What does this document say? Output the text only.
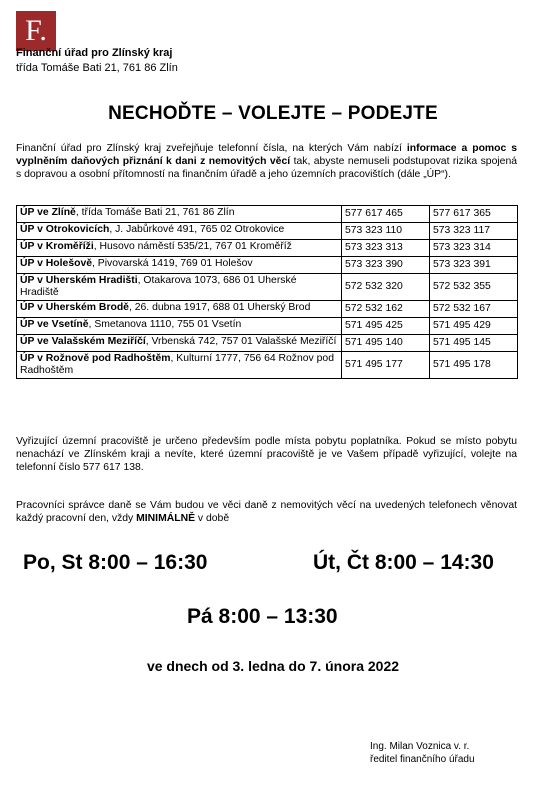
F.
Finanční úřad pro Zlínský kraj
třída Tomáše Bati 21, 761 86 Zlín
NECHOĎTE – VOLEJTE – PODEJTE
Finanční úřad pro Zlínský kraj zveřejňuje telefonní čísla, na kterých Vám nabízí informace a pomoc s vyplněním daňových přiznání k dani z nemovitých věcí tak, abyste nemuseli podstupovat rizika spojená s dopravou a osobní přítomností na finančním úřadě a jeho územních pracovištích (dále „ÚP“).
ÚP ve Zlíně, třída Tomáše Bati 21, 761 86 Zlín	577 617 465	577 617 365
ÚP v Otrokovicích, J. Jabůrkové 491, 765 02 Otrokovice	573 323 110	573 323 117
ÚP v Kroměříži, Husovo náměstí 535/21, 767 01 Kroměříž	573 323 313	573 323 314
ÚP v Holešově, Pivovarská 1419, 769 01 Holešov	573 323 390	573 323 391
ÚP v Uherském Hradišti, Otakarova 1073, 686 01 Uherské Hradiště	572 532 320	572 532 355
ÚP v Uherském Brodě, 26. dubna 1917, 688 01 Uherský Brod	572 532 162	572 532 167
ÚP ve Vsetíně, Smetanova 1110, 755 01 Vsetín	571 495 425	571 495 429
ÚP ve Valašském Meziříčí, Vrbenská 742, 757 01 Valašské Meziříčí	571 495 140	571 495 145
ÚP v Rožnově pod Radhoštěm, Kulturní 1777, 756 64 Rožnov pod Radhoštěm	571 495 177	571 495 178
Vyřizující územní pracoviště je určeno především podle místa pobytu poplatníka. Pokud se místo pobytu nenachází ve Zlínském kraji a nevíte, které územní pracoviště je ve Vašem případě vyřizující, volejte na telefonní číslo 577 617 138.
Pracovníci správce daně se Vám budou ve věci daně z nemovitých věcí na uvedených telefonech věnovat každý pracovní den, vždy MINIMÁLNĚ v době
Po, St 8:00 – 16:30	Út, Čt 8:00 – 14:30
Pá 8:00 – 13:30
ve dnech od 3. ledna do 7. února 2022
Ing. Milan Voznica v. r.
ředitel finančního úřadu
